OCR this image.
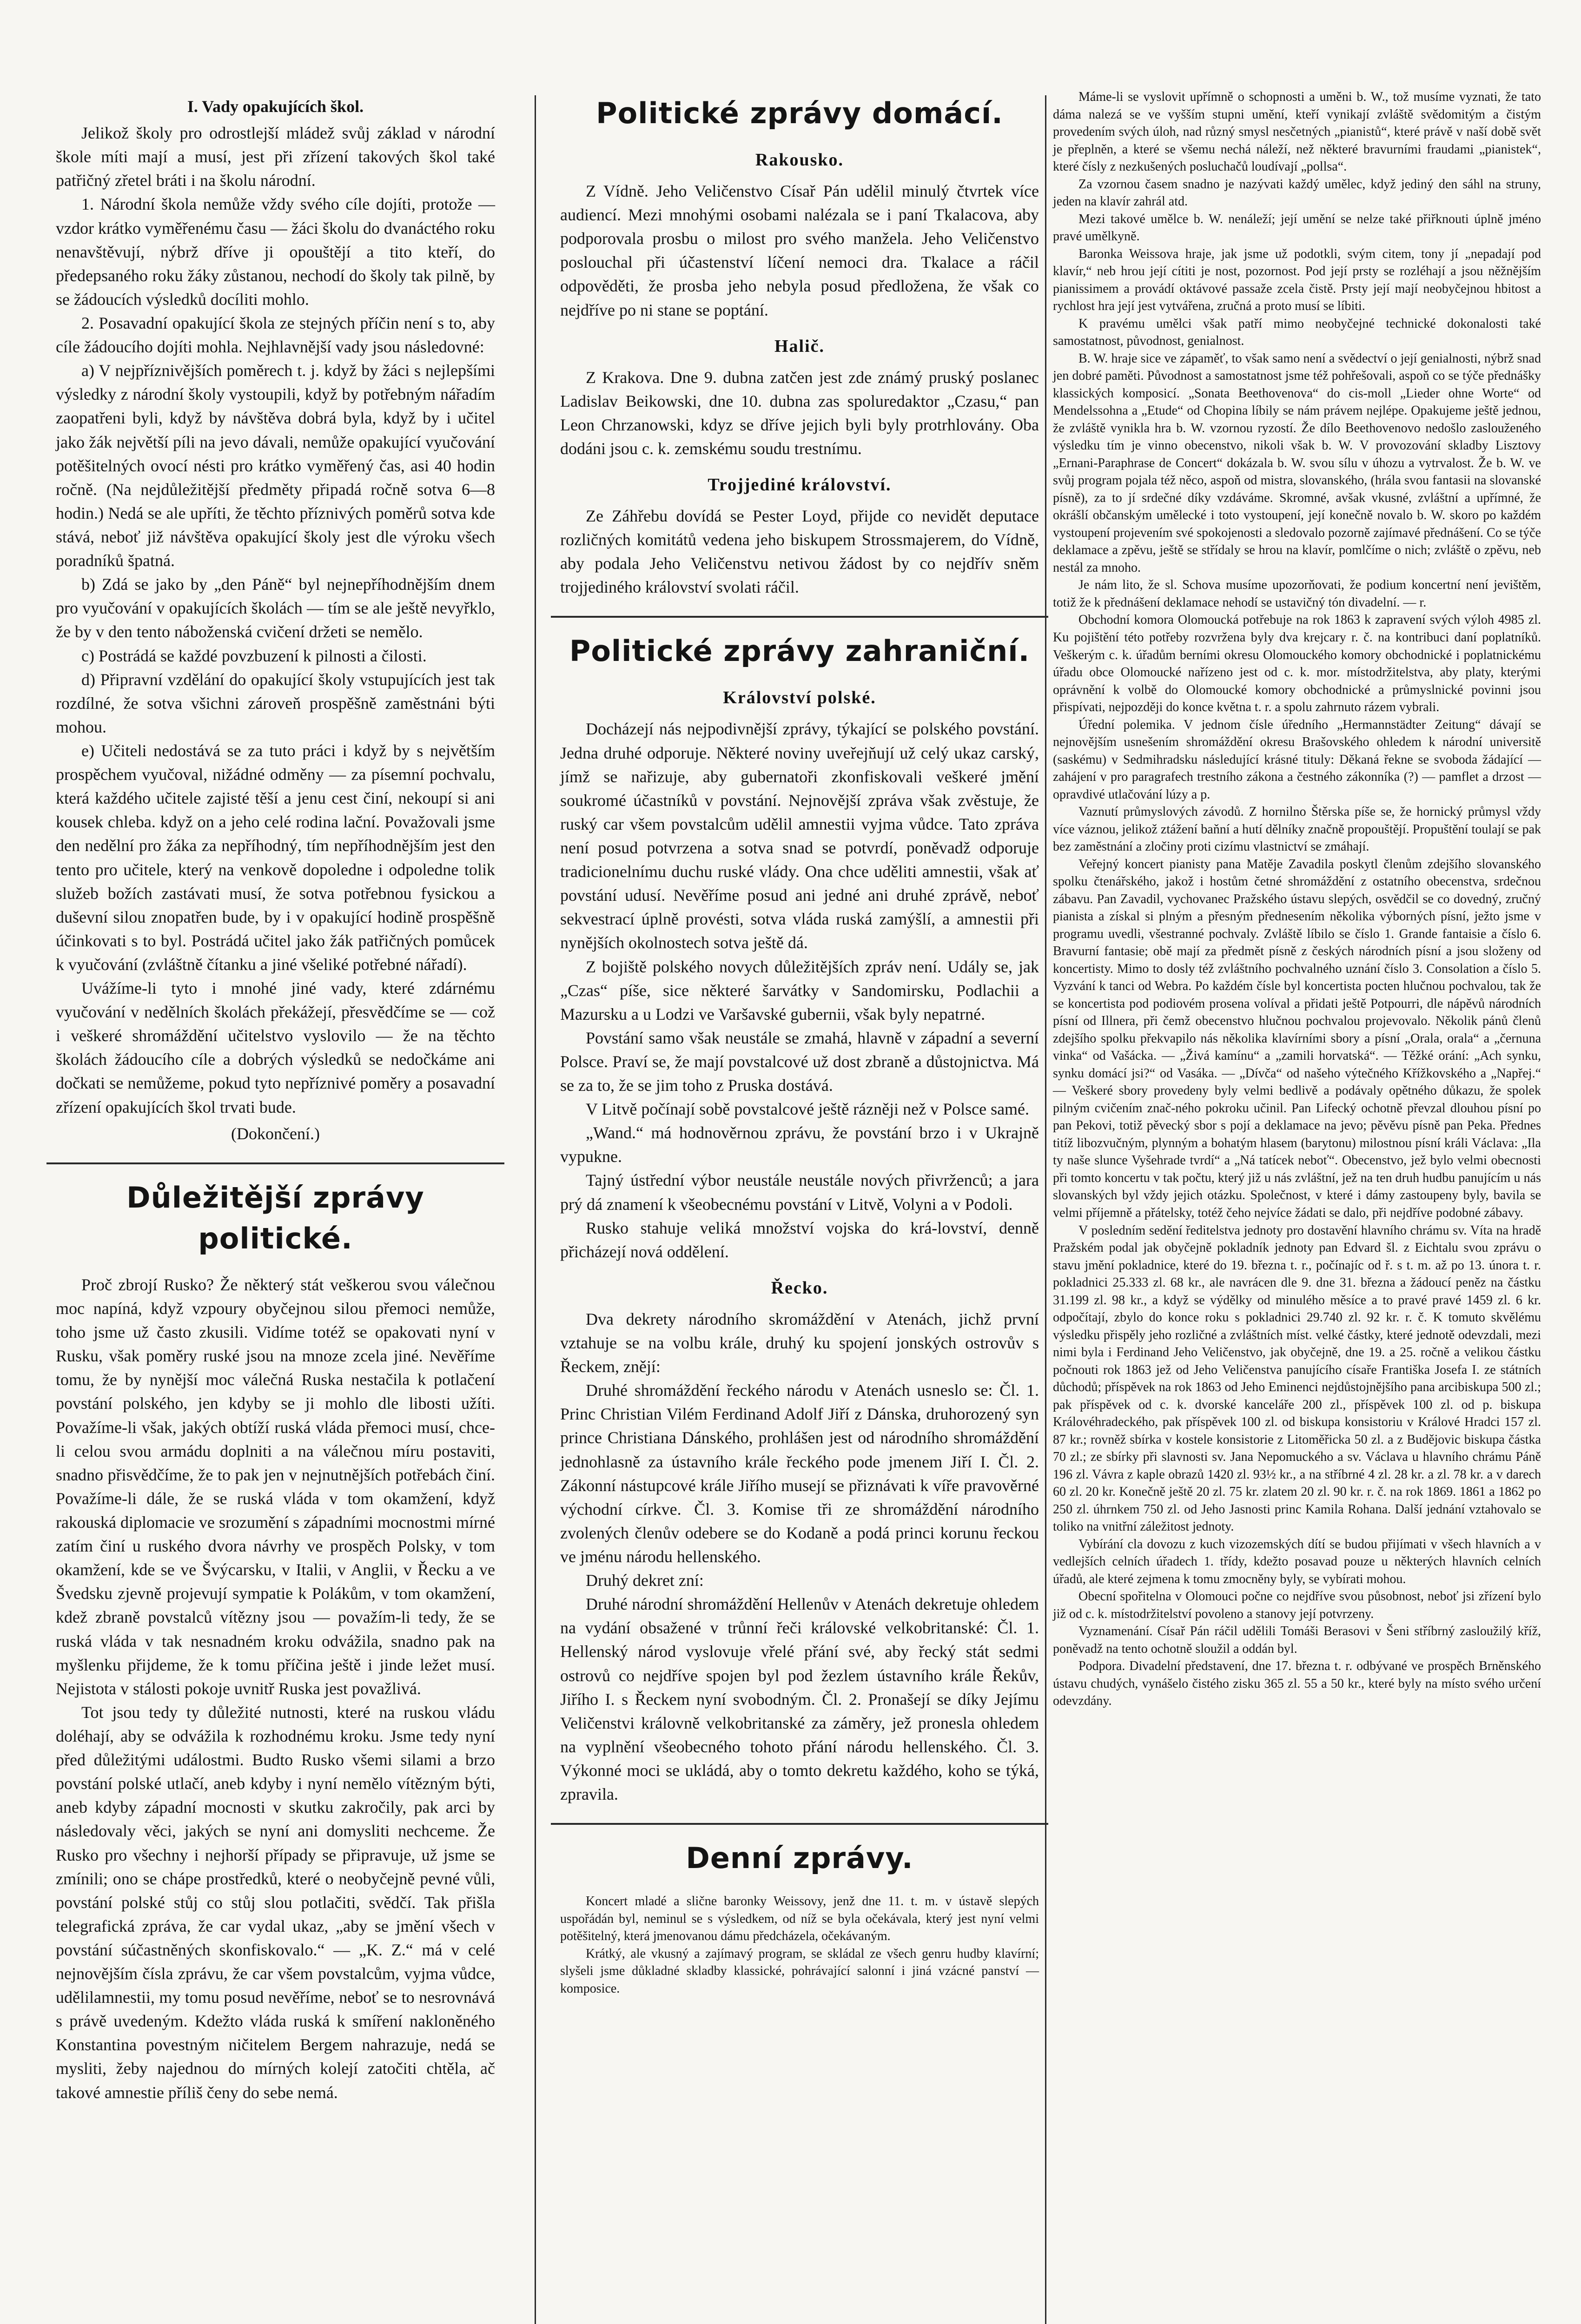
I. Vady opakujících škol.

Jelikož školy pro odrostlejší mládež svůj základ v národní škole míti mají a musí, jest při zřízení takových škol také patřičný zřetel bráti i na školu národní.

1. Národní škola nemůže vždy svého cíle dojíti, protože — vzdor krátko vyměřenému času — žáci školu do dvanáctého roku nenavštěvují, nýbrž dříve ji opouštějí a tito kteří, do předepsaného roku žáky zůstanou, nechodí do školy tak pilně, by se žádoucích výsledků docíliti mohlo.

2. Posavadní opakující škola ze stejných příčin není s to, aby cíle žádoucího dojíti mohla. Nejhlavnější vady jsou následovné:

a) V nejpříznivějších poměrech t. j. když by žáci s nejlepšími výsledky z národní školy vystoupili, když by potřebným nářadím zaopatřeni byli, když by návštěva dobrá byla, když by i učitel jako žák největší píli na jevo dávali, nemůže opakující vyučování potěšitelných ovocí nésti pro krátko vyměřený čas, asi 40 hodin ročně. (Na nejdůležitější předměty připadá ročně sotva 6—8 hodin.) Nedá se ale upříti, že těchto příznivých poměrů sotva kde stává, neboť již návštěva opakující školy jest dle výroku všech poradníků špatná.

b) Zdá se jako by „den Páně“ byl nejnepříhodnějším dnem pro vyučování v opakujících školách — tím se ale ještě nevyřklo, že by v den tento náboženská cvičení držeti se nemělo.

c) Postrádá se každé povzbuzení k pilnosti a čilosti.

d) Připravní vzdělání do opakující školy vstupujících jest tak rozdílné, že sotva všichni zároveň prospěšně zaměstnáni býti mohou.

e) Učiteli nedostává se za tuto práci i když by s největším prospěchem vyučoval, nižádné odměny — za písemní pochvalu, která každého učitele zajisté těší a jenu cest činí, nekoupí si ani kousek chleba. když on a jeho celé rodina lační. Považovali jsme den nedělní pro žáka za nepříhodný, tím nepříhodnějším jest den tento pro učitele, který na venkově dopoledne i odpoledne tolik služeb božích zastávati musí, že sotva potřebnou fysickou a duševní silou znopatřen bude, by i v opakující hodině prospěšně účinkovati s to byl. Postrádá učitel jako žák patřičných pomůcek k vyučování (zvláštně čítanku a jiné všeliké potřebné nářadí).

Uvážíme-li tyto i mnohé jiné vady, které zdárnému vyučování v nedělních školách překážejí, přesvědčíme se — což i veškeré shromáždění učitelstvo vyslovilo — že na těchto školách žádoucího cíle a dobrých výsledků se nedočkáme ani dočkati se nemůžeme, pokud tyto nepříznivé poměry a posavadní zřízení opakujících škol trvati bude.

(Dokončení.)

Důležitější zprávy politické.

Proč zbrojí Rusko? Že některý stát veškerou svou válečnou moc napíná, když vzpoury obyčejnou silou přemoci nemůže, toho jsme už často zkusili. Vidíme totéž se opakovati nyní v Rusku, však poměry ruské jsou na mnoze zcela jiné. Nevěříme tomu, že by nynější moc válečná Ruska nestačila k potlačení povstání polského, jen kdyby se ji mohlo dle libosti užíti. Považíme-li však, jakých obtíží ruská vláda přemoci musí, chce-li celou svou armádu doplniti a na válečnou míru postaviti, snadno přisvědčíme, že to pak jen v nejnutnějších potřebách činí. Považíme-li dále, že se ruská vláda v tom okamžení, když rakouská diplomacie ve srozumění s západními mocnostmi mírné zatím činí u ruského dvora návrhy ve prospěch Polsky, v tom okamžení, kde se ve Švýcarsku, v Italii, v Anglii, v Řecku a ve Švedsku zjevně projevují sympatie k Polákům, v tom okamžení, kdež zbraně povstalců vítězny jsou — považím-li tedy, že se ruská vláda v tak nesnadném kroku odvážila, snadno pak na myšlenku přijdeme, že k tomu příčina ještě i jinde ležet musí. Nejistota v stálosti pokoje uvnitř Ruska jest považlivá.

Tot jsou tedy ty důležité nutnosti, které na ruskou vládu doléhají, aby se odvážila k rozhodnému kroku. Jsme tedy nyní před důležitými událostmi. Budto Rusko všemi silami a brzo povstání polské utlačí, aneb kdyby i nyní nemělo vítězným býti, aneb kdyby západní mocnosti v skutku zakročily, pak arci by následovaly věci, jakých se nyní ani domysliti nechceme. Že Rusko pro všechny i nejhorší případy se připravuje, už jsme se zmínili; ono se chápe prostředků, které o neobyčejně pevné vůli, povstání polské stůj co stůj slou potlačiti, svědčí. Tak přišla telegrafická zpráva, že car vydal ukaz, „aby se jmění všech v povstání súčastněných skonfiskovalo.“ — „K. Z.“ má v celé nejnovějším čísla zprávu, že car všem povstalcům, vyjma vůdce, udělilamnestii, my tomu posud nevěříme, neboť se to nesrovnává s právě uvedeným. Kdežto vláda ruská k smíření nakloněného Konstantina povestným ničitelem Bergem nahrazuje, nedá se mysliti, žeby najednou do mírných kolejí zatočiti chtěla, ač takové amnestie příliš čeny do sebe nemá.

Politické zprávy domácí.
Rakousko.

Z Vídně. Jeho Veličenstvo Císař Pán udělil minulý čtvrtek více audiencí. Mezi mnohými osobami nalézala se i paní Tkalacova, aby podporovala prosbu o milost pro svého manžela. Jeho Veličenstvo poslouchal při účastenství líčení nemoci dra. Tkalace a ráčil odpověděti, že prosba jeho nebyla posud předložena, že však co nejdříve po ni stane se poptání.

Halič.

Z Krakova. Dne 9. dubna zatčen jest zde známý pruský poslanec Ladislav Beikowski, dne 10. dubna zas spoluredaktor „Czasu,“ pan Leon Chrzanowski, kdyz se dříve jejich byli byly protrhlovány. Oba dodáni jsou c. k. zemskému soudu trestnímu.

Trojjediné království.

Ze Záhřebu dovídá se Pester Loyd, přijde co nevidět deputace rozličných komitátů vedena jeho biskupem Strossmajerem, do Vídně, aby podala Jeho Veličenstvu netivou žádost by co nejdřív sněm trojjediného království svolati ráčil.

Politické zprávy zahraniční.
Království polské.

Docházejí nás nejpodivnější zprávy, týkající se polského povstání. Jedna druhé odporuje. Některé noviny uveřejňují už celý ukaz carský, jímž se nařizuje, aby gubernatoři zkonfiskovali veškeré jmění soukromé účastníků v povstání. Nejnovější zpráva však zvěstuje, že ruský car všem povstalcům udělil amnestii vyjma vůdce. Tato zpráva není posud potvrzena a sotva snad se potvrdí, poněvadž odporuje tradicionelnímu duchu ruské vlády. Ona chce uděliti amnestii, však ať povstání udusí. Nevěříme posud ani jedné ani druhé zprávě, neboť sekvestrací úplně provésti, sotva vláda ruská zamýšlí, a amnestii při nynějších okolnostech sotva ještě dá.

Z bojiště polského novych důležitějších zpráv není. Udály se, jak „Czas“ píše, sice některé šarvátky v Sandomirsku, Podlachii a Mazursku a u Lodzi ve Varšavské gubernii, však byly nepatrné.

Povstání samo však neustále se zmahá, hlavně v západní a severní Polsce. Praví se, že mají povstalcové už dost zbraně a důstojnictva. Má se za to, že se jim toho z Pruska dostává.

V Litvě počínají sobě povstalcové ještě rázněji než v Polsce samé.

„Wand.“ má hodnověrnou zprávu, že povstání brzo i v Ukrajně vypukne.

Tajný ústřední výbor neustále neustále nových přivrženců; a jara prý dá znamení k všeobecnému povstání v Litvě, Volyni a v Podoli.

Rusko stahuje veliká množství vojska do krá-lovství, denně přicházejí nová oddělení.

Řecko.

Dva dekrety národního skromáždění v Atenách, jichž první vztahuje se na volbu krále, druhý ku spojení jonských ostrovův s Řeckem, znějí:

Druhé shromáždění řeckého národu v Atenách usneslo se: Čl. 1. Princ Christian Vilém Ferdinand Adolf Jiří z Dánska, druhorozený syn prince Christiana Dánského, prohlášen jest od národního shromáždění jednohlasně za ústavního krále řeckého pode jmenem Jiří I. Čl. 2. Zákonní nástupcové krále Jiřího musejí se přiznávati k víře pravověrné východní církve. Čl. 3. Komise tři ze shromáždění národního zvolených členův odebere se do Kodaně a podá princi korunu řeckou ve jménu národu hellenského.

Druhý dekret zní:

Druhé národní shromáždění Hellenův v Atenách dekretuje ohledem na vydání obsažené v trůnní řeči královské velkobritanské: Čl. 1. Hellenský národ vyslovuje vřelé přání své, aby řecký stát sedmi ostrovů co nejdříve spojen byl pod žezlem ústavního krále Řekův, Jiřího I. s Řeckem nyní svobodným. Čl. 2. Pronašejí se díky Jejímu Veličenstvi královně velkobritanské za záměry, jež pronesla ohledem na vyplnění všeobecného tohoto přání národu hellenského. Čl. 3. Výkonné moci se ukládá, aby o tomto dekretu každého, koho se týká, zpravila.

Denní zprávy.

Koncert mladé a slične baronky Weissovy, jenž dne 11. t. m. v ústavě slepých uspořádán byl, neminul se s výsledkem, od níž se byla očekávala, který jest nyní velmi potěšitelný, která jmenovanou dámu předcházela, očekávaným.

Krátký, ale vkusný a zajímavý program, se skládal ze všech genru hudby klavírní; slyšeli jsme důkladné skladby klassické, pohrávající salonní i jiná vzácné panství — komposice.

Máme-li se vyslovit upřímně o schopnosti a uměni b. W., tož musíme vyznati, že tato dáma nalezá se ve vyšším stupni umění, kteří vynikají zvláště svědomitým a čistým provedením svých úloh, nad různý smysl nesčetných „pianistů“, které právě v naší době svět je přeplněn, a které se všemu nechá náleží, než některé bravurními fraudami „pianistek“, které čísly z nezkušených posluchačů loudívají „pollsa“.

Za vzornou časem snadno je nazývati každý umělec, když jediný den sáhl na struny, jeden na klavír zahrál atd.

Mezi takové umělce b. W. nenáleží; její umění se nelze také přiřknouti úplně jméno pravé umělkyně.

Baronka Weissova hraje, jak jsme už podotkli, svým citem, tony jí „nepadají pod klavír,“ neb hrou její cítiti je nost, pozornost. Pod její prsty se rozléhají a jsou něžnějším pianissimem a provádí oktávové passaže zcela čistě. Prsty její mají neobyčejnou hbitost a rychlost hra její jest vytvářena, zručná a proto musí se líbiti.

K pravému umělci však patří mimo neobyčejné technické dokonalosti také samostatnost, původnost, genialnost.

B. W. hraje sice ve zápaměť, to však samo není a svědectví o její genialnosti, nýbrž snad jen dobré paměti. Původnost a samostatnost jsme též pohřešovali, aspoň co se týče přednášky klassických komposicí. „Sonata Beethovenova“ do cis-moll „Lieder ohne Worte“ od Mendelssohna a „Etude“ od Chopina líbily se nám právem nejlépe. Opakujeme ještě jednou, že zvláště vynikla hra b. W. vzornou ryzostí. Že dílo Beethovenovo nedošlo zaslouženého výsledku tím je vinno obecenstvo, nikoli však b. W. V provozování skladby Lisztovy „Ernani-Paraphrase de Concert“ dokázala b. W. svou sílu v úhozu a vytrvalost. Že b. W. ve svůj program pojala též něco, aspoň od mistra, slovanského, (hrála svou fantasii na slovanské písně), za to jí srdečné díky vzdáváme. Skromné, avšak vkusné, zvláštní a upřímné, že okrášlí občanským umělecké i toto vystoupení, její konečně novalo b. W. skoro po každém vystoupení projevením své spokojenosti a sledovalo pozorně zajímavé přednášení. Co se týče deklamace a zpěvu, ještě se střídaly se hrou na klavír, pomlčíme o nich; zvláště o zpěvu, neb nestál za mnoho.

Je nám lito, že sl. Schova musíme upozorňovati, že podium koncertní není jevištěm, totiž že k přednášení deklamace nehodí se ustavičný tón divadelní. — r.

Obchodní komora Olomoucká potřebuje na rok 1863 k zapravení svých výloh 4985 zl. Ku pojištění této potřeby rozvržena byly dva krejcary r. č. na kontribuci daní poplatníků. Veškerým c. k. úřadům berními okresu Olomouckého komory obchodnické i poplatnickému úřadu obce Olomoucké nařízeno jest od c. k. mor. místodržitelstva, aby platy, kterými oprávnění k volbě do Olomoucké komory obchodnické a průmyslnické povinni jsou přispívati, nejpozději do konce května t. r. a spolu zahrnuto rázem vybrali.

Úřední polemika. V jednom čísle úředního „Hermannstädter Zeitung“ dávají se nejnovějším usnešením shromáždění okresu Brašovského ohledem k národní universitě (saskému) v Sedmihradsku následující krásné tituly: Děkaná řekne se svoboda žádající — zahájení v pro paragrafech trestního zákona a čestného zákonníka (?) — pamflet a drzost — opravdivé utlačování lúzy a p.

Vaznutí průmyslových závodů. Z hornilno Štěrska píše se, že hornický průmysl vždy více váznou, jelikož ztážení baňní a hutí dělníky značně propouštějí. Propuštění toulají se pak bez zaměstnání a zločiny proti cizímu vlastnictví se zmáhají.

Veřejný koncert pianisty pana Matěje Zavadila poskytl členům zdejšího slovanského spolku čtenářského, jakož i hostům četné shromáždění z ostatního obecenstva, srdečnou zábavu. Pan Zavadil, vychovanec Pražského ústavu slepých, osvědčil se co dovedný, zručný pianista a získal si plným a přesným přednesením několika výborných písní, ježto jsme v programu uvedli, všestranné pochvaly. Zvláště líbilo se číslo 1. Grande fantaisie a číslo 6. Bravurní fantasie; obě mají za předmět písně z českých národních písní a jsou složeny od koncertisty. Mimo to dosly též zvláštního pochvalného uznání číslo 3. Consolation a číslo 5. Vyzvání k tanci od Webra. Po každém čísle byl koncertista pocten hlučnou pochvalou, tak že se koncertista pod podiovém prosena volíval a přidati ještě Potpourri, dle nápěvů národních písní od Illnera, při čemž obecenstvo hlučnou pochvalou projevovalo. Několik pánů členů zdejšího spolku překvapilo nás několika klavírními sbory a písní „Orala, orala“ a „černuna vinka“ od Vašácka. — „Živá kamínu“ a „zamili horvatská“. — Těžké orání: „Ach synku, synku domácí jsi?“ od Vasáka. — „Dívča“ od našeho výtečného Křížkovského a „Napřej.“ — Veškeré sbory provedeny byly velmi bedlivě a podávaly opětného důkazu, že spolek pilným cvičením znač-ného pokroku učinil. Pan Lifecký ochotně převzal dlouhou písní po pan Pekovi, totiž pěvecký sbor s pojí a deklamace na jevo; pěvěvu písně pan Peka. Přednes titíž libozvučným, plynným a bohatým hlasem (barytonu) milostnou písní králi Václava: „Ila ty naše slunce Vyšehrade tvrdí“ a „Ná tatícek neboť“. Obecenstvo, jež bylo velmi obecnosti při tomto koncertu v tak počtu, který již u nás zvláštní, jež na ten druh hudbu panujícím u nás slovanských byl vždy jejich otázku. Společnost, v které i dámy zastoupeny byly, bavila se velmi příjemně a přátelsky, totéž čeho nejvíce žádati se dalo, při nejdříve podobné zábavy.

V posledním sedění ředitelstva jednoty pro dostavění hlavního chrámu sv. Víta na hradě Pražském podal jak obyčejně pokladník jednoty pan Edvard šl. z Eichtalu svou zprávu o stavu jmění pokladnice, které do 19. března t. r., počínajíc od ř. s t. m. až po 13. února t. r. pokladnici 25.333 zl. 68 kr., ale navrácen dle 9. dne 31. března a žádoucí peněz na částku 31.199 zl. 98 kr., a když se výdělky od minulého měsíce a to pravé pravé 1459 zl. 6 kr. odpočítají, zbylo do konce roku s pokladnici 29.740 zl. 92 kr. r. č. K tomuto skvělému výsledku přispěly jeho rozličné a zvláštních míst. velké částky, které jednotě odevzdali, mezi nimi byla i Ferdinand Jeho Veličenstvo, jak obyčejně, dne 19. a 25. ročně a velikou částku počnouti rok 1863 jež od Jeho Veličenstva panujícího císaře Františka Josefa I. ze státních důchodů; příspěvek na rok 1863 od Jeho Eminenci nejdůstojnějšího pana arcibiskupa 500 zl.; pak příspěvek od c. k. dvorské kanceláře 200 zl., příspěvek 100 zl. od p. biskupa Královéhradeckého, pak příspěvek 100 zl. od biskupa konsistoriu v Králové Hradci 157 zl. 87 kr.; rovněž sbírka v kostele konsistorie z Litoměřicka 50 zl. a z Budějovic biskupa částka 70 zl.; ze sbírky při slavnosti sv. Jana Nepomuckého a sv. Václava u hlavního chrámu Páně 196 zl. Vávra z kaple obrazů 1420 zl. 93½ kr., a na stříbrné 4 zl. 28 kr. a zl. 78 kr. a v darech 60 zl. 20 kr. Konečně ještě 20 zl. 75 kr. zlatem 20 zl. 90 kr. r. č. na rok 1869. 1861 a 1862 po 250 zl. úhrnkem 750 zl. od Jeho Jasnosti princ Kamila Rohana. Další jednání vztahovalo se toliko na vnitřní záležitost jednoty.

Vybírání cla dovozu z kuch vizozemských dítí se budou přijímati v všech hlavních a v vedlejších celních úřadech 1. třídy, kdežto posavad pouze u některých hlavních celních úřadů, ale které zejmena k tomu zmocněny byly, se vybírati mohou.

Obecní spořitelna v Olomouci počne co nejdříve svou působnost, neboť jsi zřízení bylo již od c. k. místodržitelství povoleno a stanovy její potvrzeny.

Vyznamenání. Císař Pán ráčil udělili Tomáši Berasovi v Šeni stříbrný zasloužilý kříž, poněvadž na tento ochotně sloužil a oddán byl.

Podpora. Divadelní představení, dne 17. března t. r. odbývané ve prospěch Brněnského ústavu chudých, vynášelo čistého zisku 365 zl. 55 a 50 kr., které byly na místo svého určení odevzdány.
